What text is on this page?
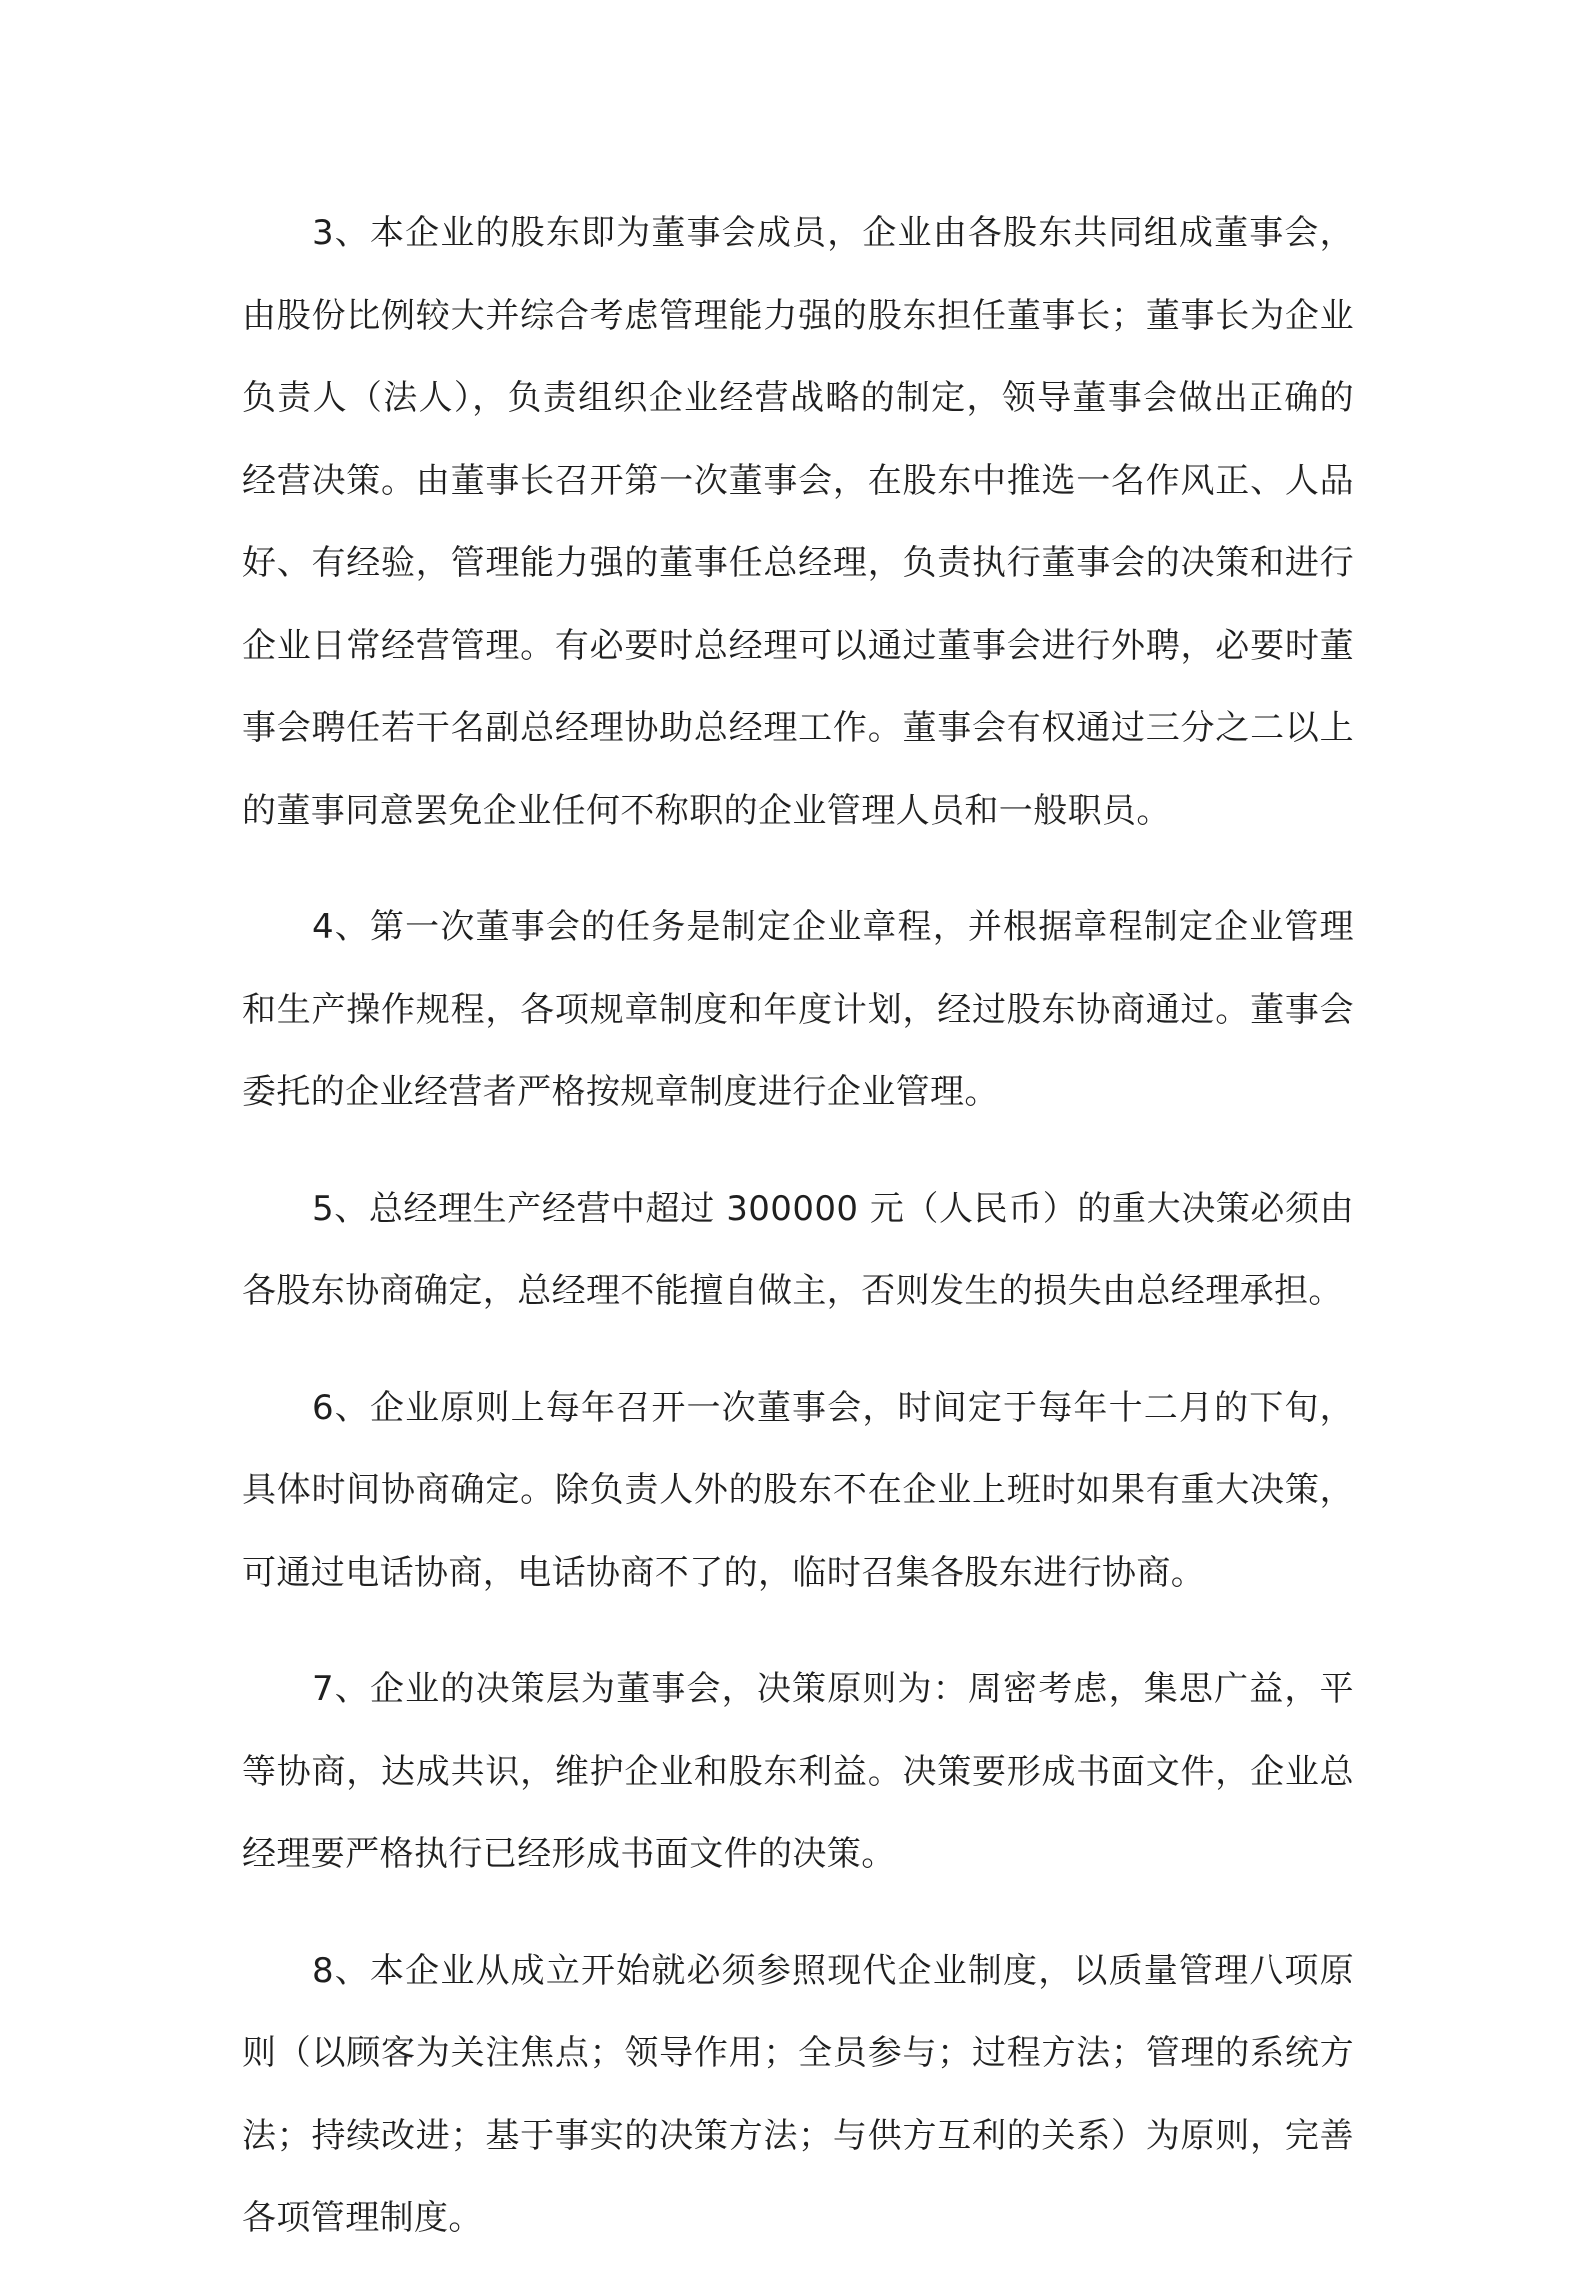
3、本企业的股东即为董事会成员，企业由各股东共同组成董事会，由股份比例较大并综合考虑管理能力强的股东担任董事长；董事长为企业负责人（法人），负责组织企业经营战略的制定，领导董事会做出正确的经营决策。由董事长召开第一次董事会，在股东中推选一名作风正、人品好、有经验，管理能力强的董事任总经理，负责执行董事会的决策和进行企业日常经营管理。有必要时总经理可以通过董事会进行外聘，必要时董事会聘任若干名副总经理协助总经理工作。董事会有权通过三分之二以上的董事同意罢免企业任何不称职的企业管理人员和一般职员。

4、第一次董事会的任务是制定企业章程，并根据章程制定企业管理和生产操作规程，各项规章制度和年度计划，经过股东协商通过。董事会委托的企业经营者严格按规章制度进行企业管理。

5、总经理生产经营中超过 300000 元（人民币）的重大决策必须由各股东协商确定，总经理不能擅自做主，否则发生的损失由总经理承担。

6、企业原则上每年召开一次董事会，时间定于每年十二月的下旬，具体时间协商确定。除负责人外的股东不在企业上班时如果有重大决策，可通过电话协商，电话协商不了的，临时召集各股东进行协商。

7、企业的决策层为董事会，决策原则为：周密考虑，集思广益，平等协商，达成共识，维护企业和股东利益。决策要形成书面文件，企业总经理要严格执行已经形成书面文件的决策。

8、本企业从成立开始就必须参照现代企业制度，以质量管理八项原则（以顾客为关注焦点；领导作用；全员参与；过程方法；管理的系统方法；持续改进；基于事实的决策方法；与供方互利的关系）为原则，完善各项管理制度。
